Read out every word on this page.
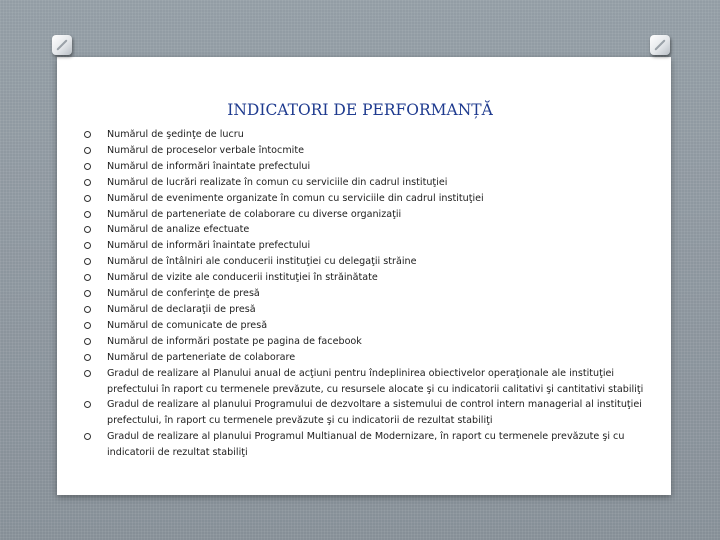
INDICATORI DE PERFORMANȚĂ
Numărul de şedinţe de lucru
Numărul de proceselor verbale întocmite
Numărul de informări înaintate prefectului
Numărul de lucrări realizate în comun cu serviciile din cadrul instituţiei
Numărul de evenimente organizate în comun cu serviciile din cadrul instituţiei
Numărul de parteneriate de colaborare cu diverse organizaţii
Numărul de analize efectuate
Numărul de informări înaintate prefectului
Numărul de întâlniri ale conducerii instituţiei cu delegaţii străine
Numărul de vizite ale conducerii instituţiei în străinătate
Numărul de conferinţe de presă
Numărul de declaraţii de presă
Numărul de comunicate de presă
Numărul de informări postate pe pagina de facebook
Numărul de parteneriate de colaborare
Gradul de realizare al Planului anual de acţiuni pentru îndeplinirea obiectivelor operaţionale ale instituţiei prefectului în raport cu termenele prevăzute, cu resursele alocate şi cu indicatorii calitativi şi cantitativi stabiliţi
Gradul de realizare al planului Programului de dezvoltare a sistemului de control intern managerial al instituţiei prefectului, în raport cu termenele prevăzute şi cu indicatorii de rezultat stabiliţi
Gradul de realizare al planului Programul Multianual de Modernizare, în raport cu termenele prevăzute şi cu indicatorii de rezultat stabiliţi
